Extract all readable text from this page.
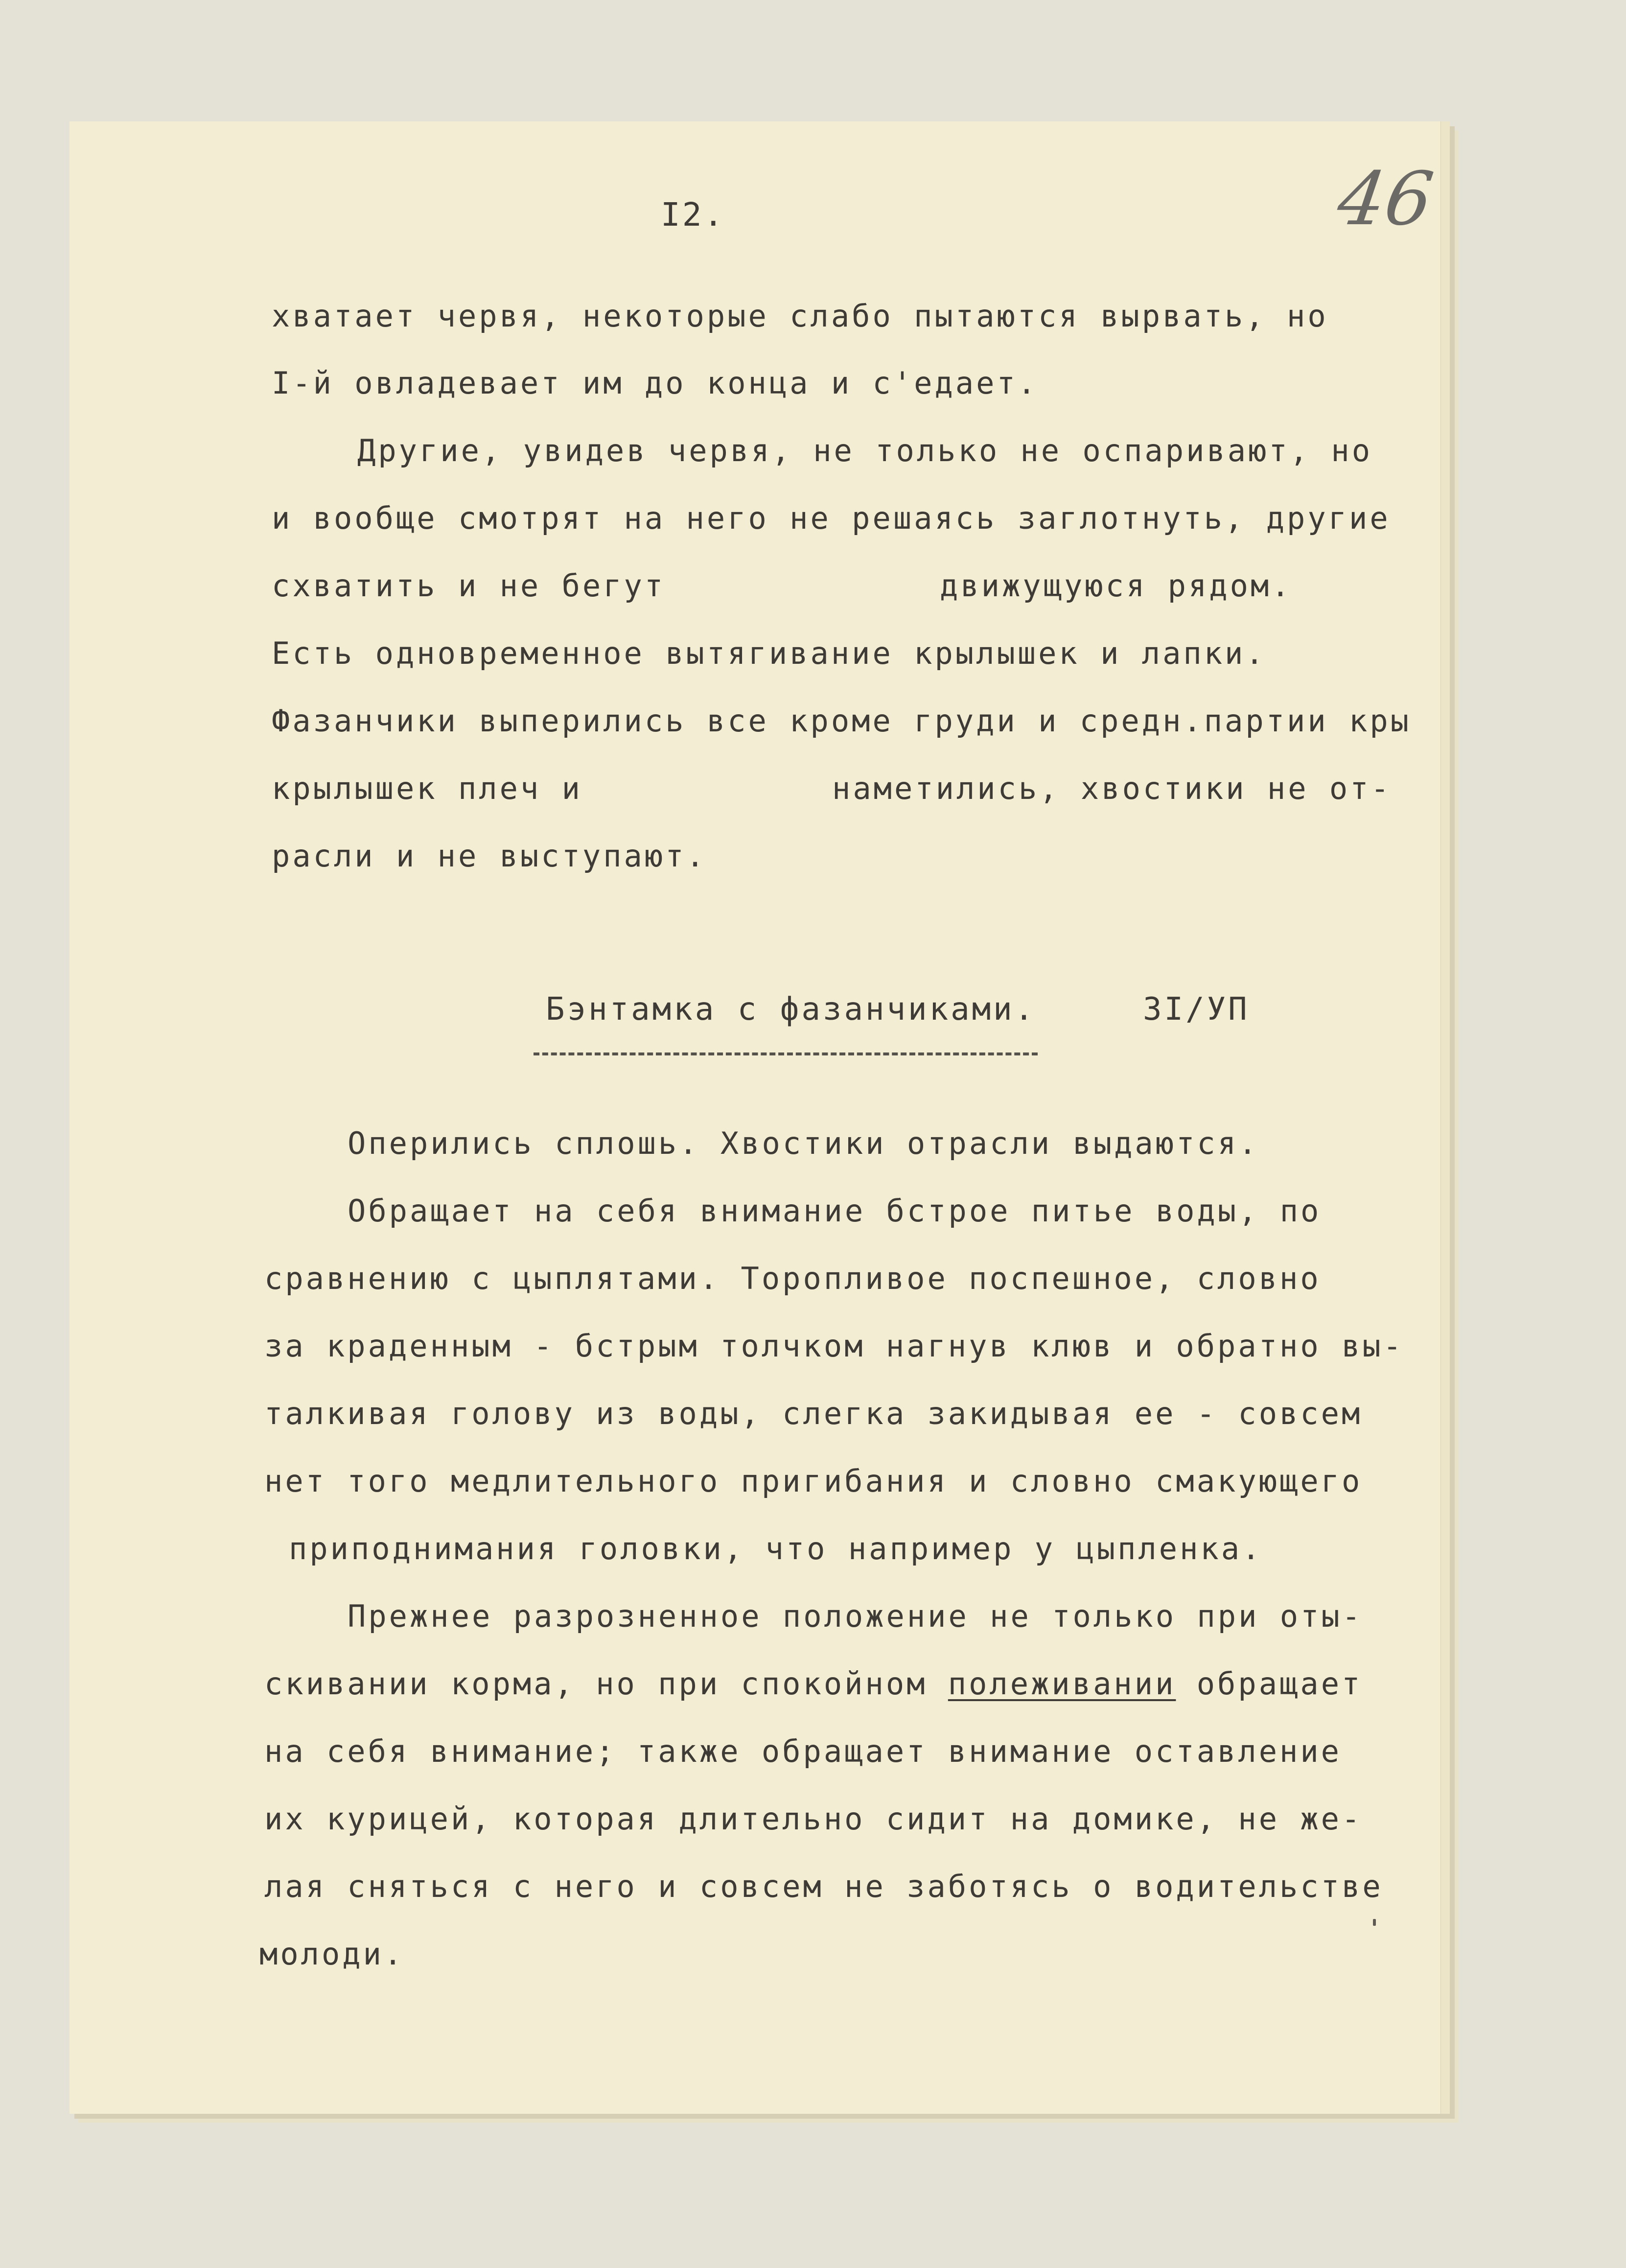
I2.	46
хватает червя, некоторые слабо пытаются вырвать, но
I-й овладевает им до конца и с'едает.
Другие, увидев червя, не только не оспаривают, но
и вообще смотрят на него не решаясь заглотнуть, другие
схватить и не бегут	движущуюся рядом.
Есть одновременное вытягивание крылышек и лапки.
Фазанчики выперились все кроме груди и средн.партии кры
крылышек плеч и	наметились, хвостики не от-
расли и не выступают.
Бэнтамка с фазанчиками.	3I/УП
Оперились сплошь. Хвостики отрасли выдаются.
Обращает на себя внимание бстрое питье воды, по
сравнению с цыплятами. Торопливое поспешное, словно
за краденным - бстрым толчком нагнув клюв и обратно вы-
талкивая голову из воды, слегка закидывая ее - совсем
нет того медлительного пригибания и словно смакующего
приподнимания головки, что например у цыпленка.
Прежнее разрозненное положение не только при оты-
скивании корма, но при спокойном полеживании обращает
на себя внимание; также обращает внимание оставление
их курицей, которая длительно сидит на домике, не же-
лая сняться с него и совсем не заботясь о водительстве
молоди.
